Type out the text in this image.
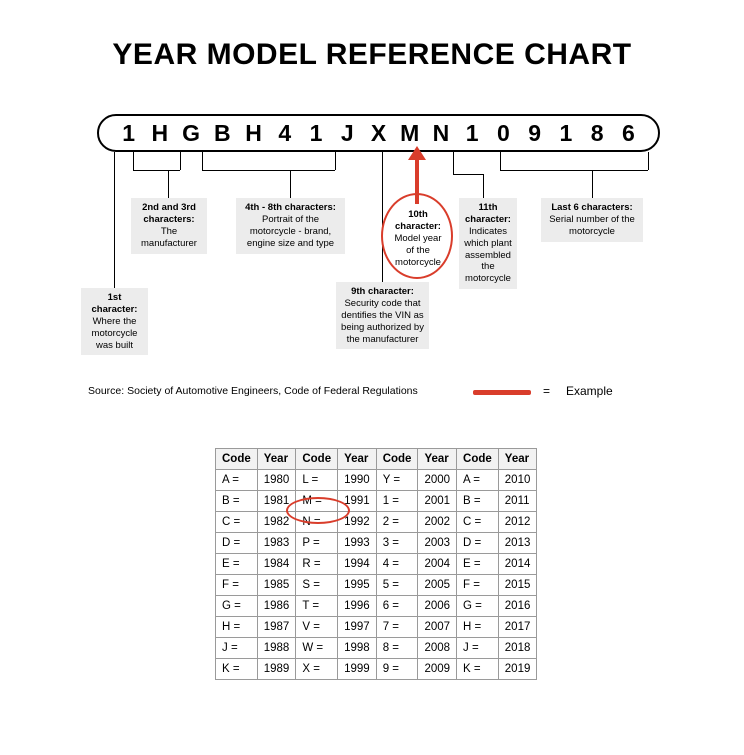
YEAR MODEL REFERENCE CHART
1 H G B H 4 1 J X M N 1 0 9 1 8 6
1st character:
Where the motorcycle was built
2nd and 3rd characters:
The manufacturer
4th - 8th characters:
Portrait of the motorcycle - brand, engine size and type
9th character:
Security code that dentifies the VIN as being authorized by the manufacturer
10th character:
Model year of the motorcycle
11th character:
Indicates which plant assembled the motorcycle
Last 6 characters:
Serial number of the motorcycle
Source: Society of Automotive Engineers, Code of Federal Regulations	= Example
Code	Year	Code	Year	Code	Year	Code	Year
A =	1980	L =	1990	Y =	2000	A =	2010
B =	1981	M =	1991	1 =	2001	B =	2011
C =	1982	N =	1992	2 =	2002	C =	2012
D =	1983	P =	1993	3 =	2003	D =	2013
E =	1984	R =	1994	4 =	2004	E =	2014
F =	1985	S =	1995	5 =	2005	F =	2015
G =	1986	T =	1996	6 =	2006	G =	2016
H =	1987	V =	1997	7 =	2007	H =	2017
J =	1988	W =	1998	8 =	2008	J =	2018
K =	1989	X =	1999	9 =	2009	K =	2019
